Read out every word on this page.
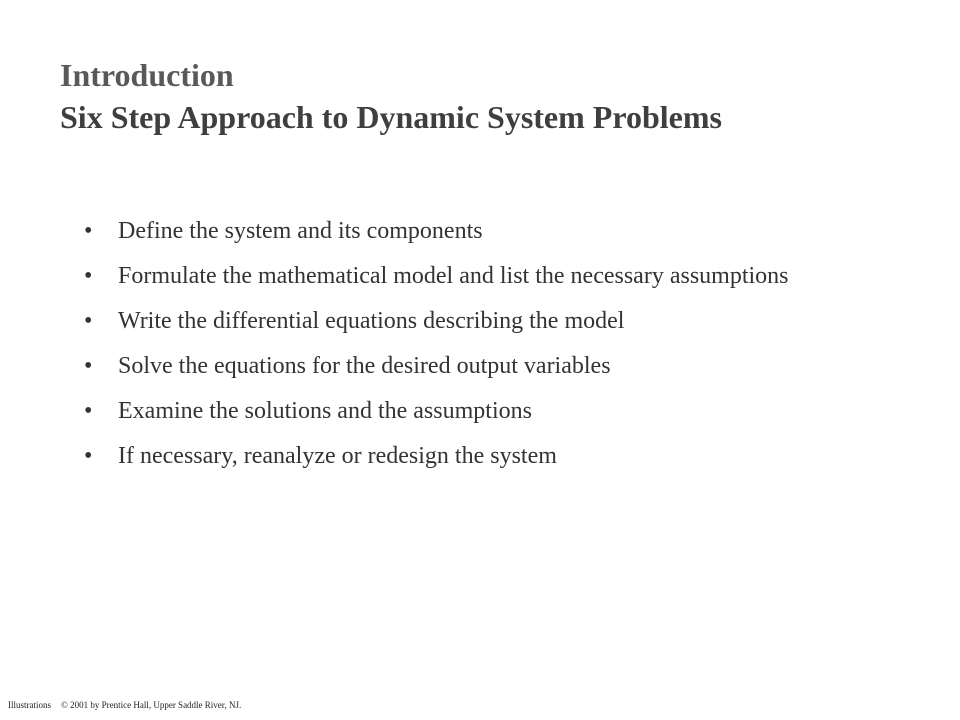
Introduction
Six Step Approach to Dynamic System Problems
• Define the system and its components
• Formulate the mathematical model and list the necessary assumptions
• Write the differential equations describing the model
• Solve the equations for the desired output variables
• Examine the solutions and the assumptions
• If necessary, reanalyze or redesign the system
Illustrations © 2001 by Prentice Hall, Upper Saddle River, NJ.
